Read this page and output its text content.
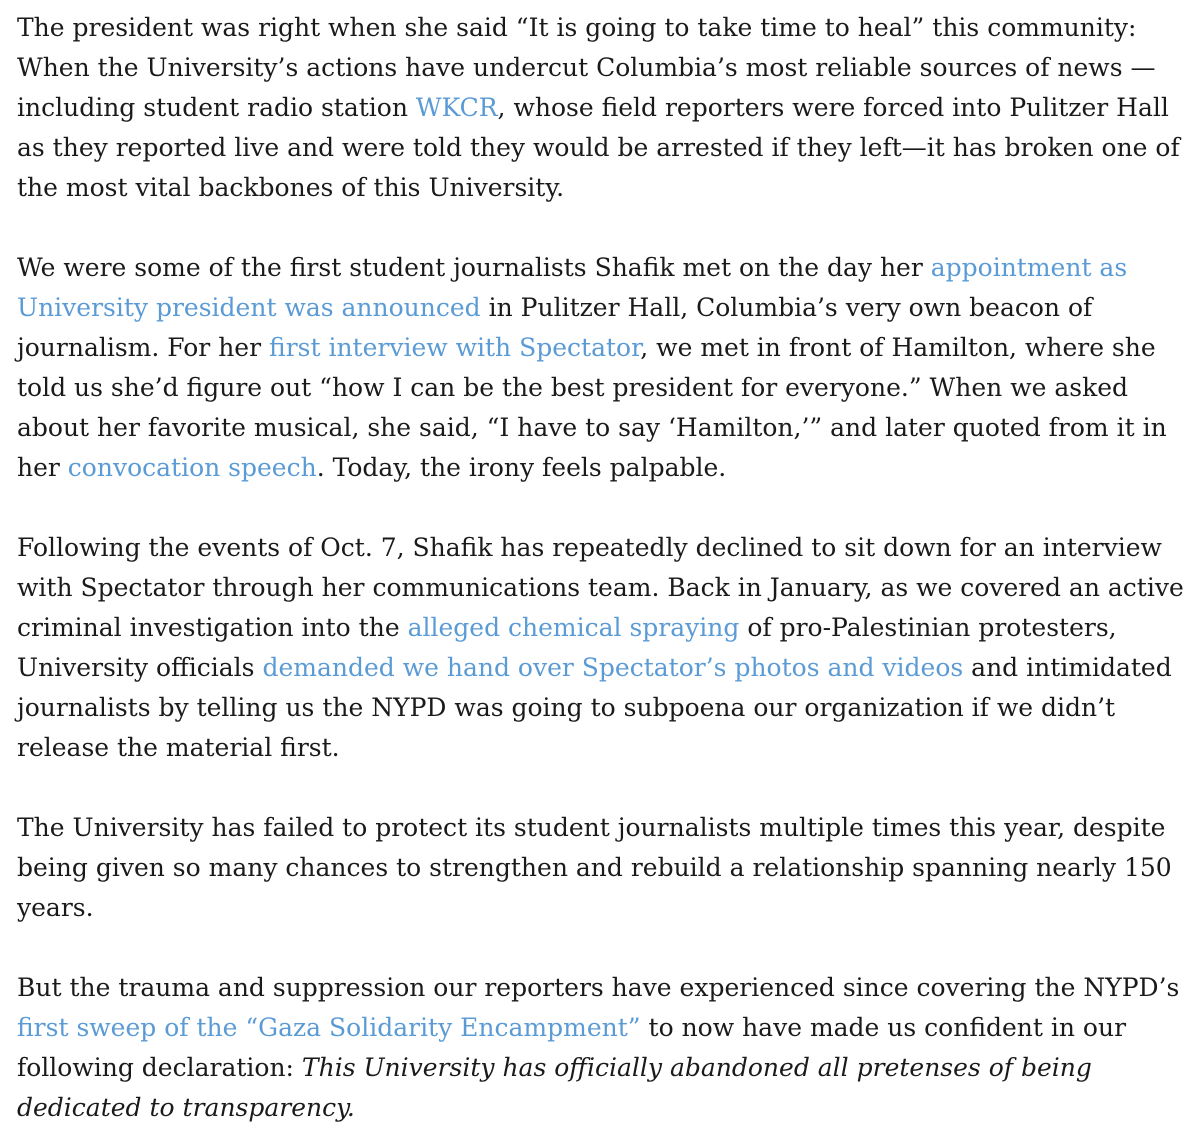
The president was right when she said “It is going to take time to heal” this community: When the University’s actions have undercut Columbia’s most reliable sources of news —including student radio station WKCR, whose field reporters were forced into Pulitzer Hall as they reported live and were told they would be arrested if they left—it has broken one of the most vital backbones of this University.

We were some of the first student journalists Shafik met on the day her appointment as University president was announced in Pulitzer Hall, Columbia’s very own beacon of journalism. For her first interview with Spectator, we met in front of Hamilton, where she told us she’d figure out “how I can be the best president for everyone.” When we asked about her favorite musical, she said, “I have to say ‘Hamilton,’” and later quoted from it in her convocation speech. Today, the irony feels palpable.

Following the events of Oct. 7, Shafik has repeatedly declined to sit down for an interview with Spectator through her communications team. Back in January, as we covered an active criminal investigation into the alleged chemical spraying of pro-Palestinian protesters, University officials demanded we hand over Spectator’s photos and videos and intimidated journalists by telling us the NYPD was going to subpoena our organization if we didn’t release the material first.

The University has failed to protect its student journalists multiple times this year, despite being given so many chances to strengthen and rebuild a relationship spanning nearly 150 years.

But the trauma and suppression our reporters have experienced since covering the NYPD’s first sweep of the “Gaza Solidarity Encampment” to now have made us confident in our following declaration: This University has officially abandoned all pretenses of being dedicated to transparency.
